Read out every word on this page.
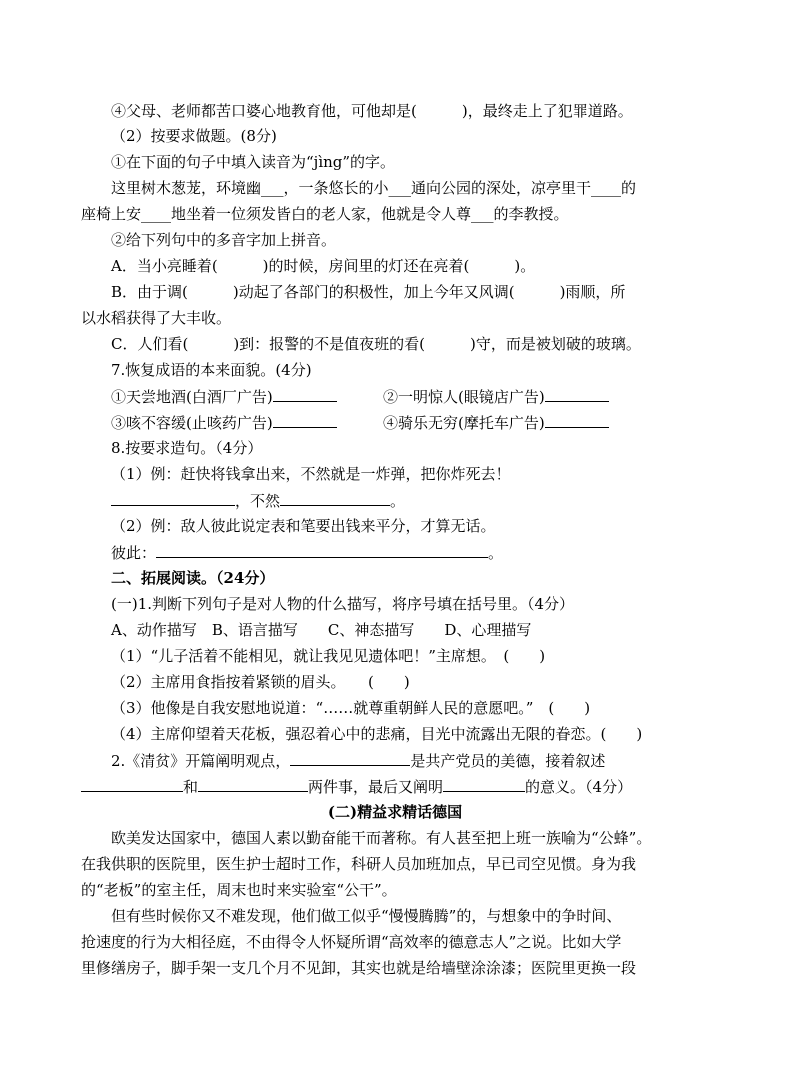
④父母、老师都苦口婆心地教育他，可他却是(　　　)，最终走上了犯罪道路。
（2）按要求做题。(8分)
①在下面的句子中填入读音为“jìng”的字。
这里树木葱茏，环境幽___，一条悠长的小___通向公园的深处，凉亭里干____的
座椅上安____地坐着一位须发皆白的老人家，他就是令人尊___的李教授。
②给下列句中的多音字加上拼音。
A．当小亮睡着(　　　)的时候，房间里的灯还在亮着(　　　)。
B．由于调(　　　)动起了各部门的积极性，加上今年又风调(　　　)雨顺，所
以水稻获得了大丰收。
C．人们看(　　　)到：报警的不是值夜班的看(　　　)守，而是被划破的玻璃。
7.恢复成语的本来面貌。(4分)
①天尝地酒(白酒厂广告)	②一明惊人(眼镜店广告)
③咳不容缓(止咳药广告)	④骑乐无穷(摩托车广告)
8.按要求造句。（4分）
（1）例：赶快将钱拿出来，不然就是一炸弹，把你炸死去！
，不然	。
（2）例：敌人彼此说定表和笔要出钱来平分，才算无话。
彼此：	。
二、拓展阅读。（24分）
(一)1.判断下列句子是对人物的什么描写，将序号填在括号里。（4分）
A、动作描写　B、语言描写　　C、神态描写　　D、心理描写
（1）“儿子活着不能相见，就让我见见遗体吧！”主席想。　(　　)
（2）主席用食指按着紧锁的眉头。　　(　　)
（3）他像是自我安慰地说道：“……就尊重朝鲜人民的意愿吧。”　(　　)
（4）主席仰望着天花板，强忍着心中的悲痛，目光中流露出无限的眷恋。(　　)
2.《清贫》开篇阐明观点，	是共产党员的美德，接着叙述
和	两件事，最后又阐明	的意义。（4分）
(二)精益求精话德国
欧美发达国家中，德国人素以勤奋能干而著称。有人甚至把上班一族喻为“公蜂”。
在我供职的医院里，医生护士超时工作，科研人员加班加点，早已司空见惯。身为我
的“老板”的室主任，周末也时来实验室“公干”。
但有些时候你又不难发现，他们做工似乎“慢慢腾腾”的，与想象中的争时间、
抢速度的行为大相径庭，不由得令人怀疑所谓“高效率的德意志人”之说。比如大学
里修缮房子，脚手架一支几个月不见卸，其实也就是给墙壁涂涂漆；医院里更换一段
